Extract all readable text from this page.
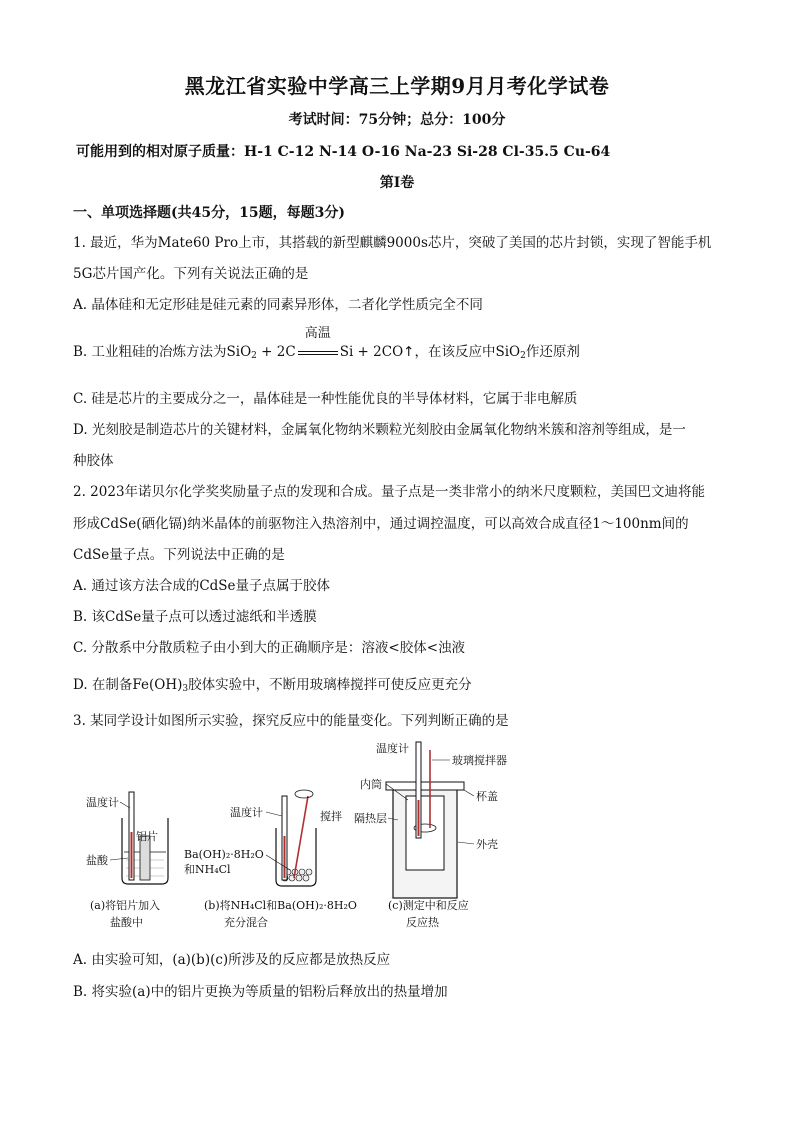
黑龙江省实验中学高三上学期9月月考化学试卷
考试时间：75分钟；总分：100分
可能用到的相对原子质量：H-1 C-12 N-14 O-16 Na-23 Si-28 Cl-35.5 Cu-64
第Ⅰ卷
一、单项选择题(共45分，15题，每题3分)
1. 最近，华为Mate60 Pro上市，其搭载的新型麒麟9000s芯片，突破了美国的芯片封锁，实现了智能手机
5G芯片国产化。下列有关说法正确的是
A. 晶体硅和无定形硅是硅元素的同素异形体，二者化学性质完全不同
B. 工业粗硅的冶炼方法为SiO$_2$ + 2C
高温
Si + 2CO↑，在该反应中SiO$_2$作还原剂
C. 硅是芯片的主要成分之一，晶体硅是一种性能优良的半导体材料，它属于非电解质
D. 光刻胶是制造芯片的关键材料，金属氧化物纳米颗粒光刻胶由金属氧化物纳米簇和溶剂等组成，是一
种胶体
2. 2023年诺贝尔化学奖奖励量子点的发现和合成。量子点是一类非常小的纳米尺度颗粒，美国巴文迪将能
形成CdSe(硒化镉)纳米晶体的前驱物注入热溶剂中，通过调控温度，可以高效合成直径1～100nm间的
CdSe量子点。下列说法中正确的是
A. 通过该方法合成的CdSe量子点属于胶体
B. 该CdSe量子点可以透过滤纸和半透膜
C. 分散系中分散质粒子由小到大的正确顺序是：溶液<胶体<浊液
D. 在制备$Fe(OH)_3$胶体实验中，不断用玻璃棒搅拌可使反应更充分
3. 某同学设计如图所示实验，探究反应中的能量变化。下列判断正确的是
温度计
铝片
盐酸
(a)将铝片加入
盐酸中
温度计	搅拌
Ba(OH)₂·8H₂O
和NH₄Cl
(b)将NH₄Cl和Ba(OH)₂·8H₂O
充分混合
温度计
玻璃搅拌器
内筒
杯盖
隔热层
外壳
(c)测定中和反应
反应热
A. 由实验可知，(a)(b)(c)所涉及的反应都是放热反应
B. 将实验(a)中的铝片更换为等质量的铝粉后释放出的热量增加
